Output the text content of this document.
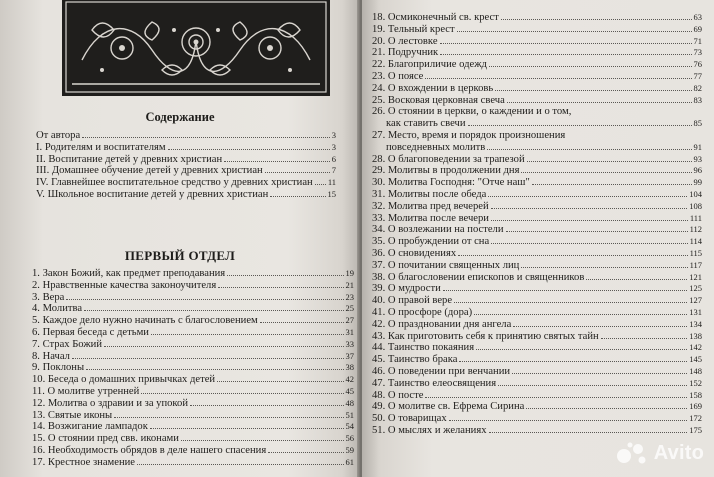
Содержание
От автора	3
I. Родителям и воспитателям	3
II. Воспитание детей у древних христиан	6
III. Домашнее обучение детей у древних христиан	7
IV. Главнейшее воспитательное средство у древних христиан 11
V. Школьное воспитание детей у древних христиан	15
ПЕРВЫЙ ОТДЕЛ
1. Закон Божий, как предмет преподавания	19
2. Нравственные качества законоучителя	21
3. Вера	23
4. Молитва	25
5. Каждое дело нужно начинать с благословением	27
6. Первая беседа с детьми	31
7. Страх Божий	33
8. Начал	37
9. Поклоны	38
10. Беседа о домашних привычках детей	42
11. О молитве утренней	45
12. Молитва о здравии и за упокой	48
13. Святые иконы	51
14. Возжигание лампадок	54
15. О стоянии пред свв. иконами	56
16. Необходимость обрядов в деле нашего спасения	59
17. Крестное знамение	61
18. Осмиконечный св. крест	63
19. Тельный крест	69
20. О лестовке	71
21. Подручник	73
22. Благоприличие одежд	76
23. О поясе	77
24. О вхождении в церковь	82
25. Восковая церковная свеча	83
26. О стоянии в церкви, о каждении и о том,
как ставить свечи	85
27. Место, время и порядок произношения
повседневных молитв	91
28. О благоповедении за трапезой	93
29. Молитвы в продолжении дня	96
30. Молитва Господня: "Отче наш"	99
31. Молитвы после обеда	104
32. Молитва пред вечерей	108
33. Молитва после вечери	111
34. О возлежании на постели	112
35. О пробуждении от сна	114
36. О сновидениях	115
37. О почитании священных лиц	117
38. О благословении епископов и священников	121
39. О мудрости	125
40. О правой вере	127
41. О просфоре (дора)	131
42. О праздновании дня ангела	134
43. Как приготовить себя к принятию святых тайн	138
44. Таинство покаяния	142
45. Таинство брака	145
46. О поведении при венчании	148
47. Таинство елеосвящения	152
48. О посте	158
49. О молитве св. Ефрема Сирина	169
50. О товарищах	172
51. О мыслях и желаниях	175
Avito
